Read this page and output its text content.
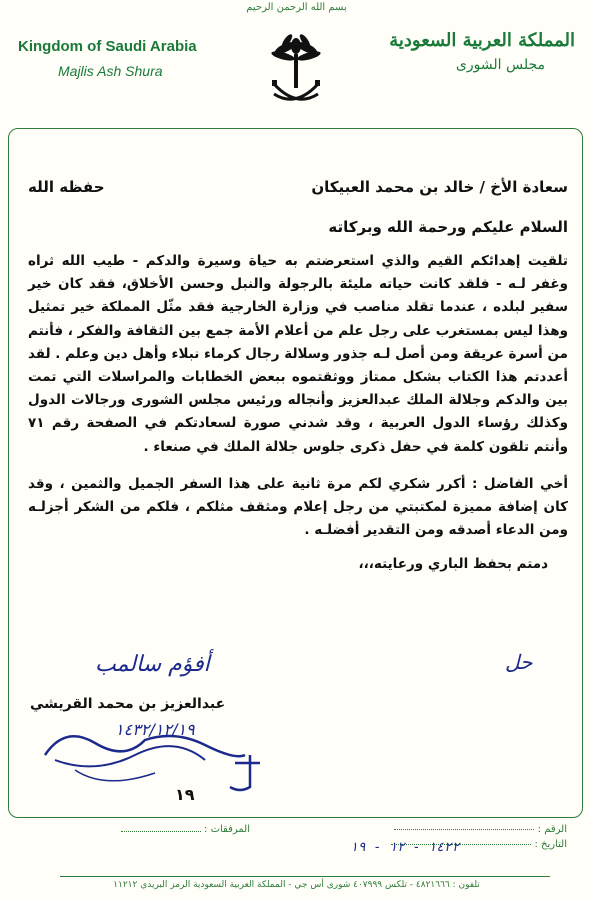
بسم الله الرحمن الرحيم
Kingdom of Saudi Arabia
Majlis Ash Shura
المملكة العربية السعودية
مجلس الشورى
سعادة الأخ / خالد بن محمد العبيكان
حفظه الله
السلام عليكم ورحمة الله وبركاته
تلقيت إهدائكم القيم والذي استعرضتم به حياة وسيرة والدكم - طيب الله ثراه وغفر لـه - فلقد كانت حياته مليئة بالرجولة والنبل وحسن الأخلاق، فقد كان خير سفير لبلده ، عندما تقلد مناصب في وزارة الخارجية فقد مثّل المملكة خير تمثيل وهذا ليس بمستغرب على رجل علم من أعلام الأمة جمع بين الثقافة والفكر ، فأنتم من أسرة عريقة ومن أصل لـه جذور وسلالة رجال كرماء نبلاء وأهل دين وعلم . لقد أعددتم هذا الكتاب بشكل ممتاز ووثقتموه ببعض الخطابات والمراسلات التي تمت بين والدكم وجلالة الملك عبدالعزيز وأنجاله ورئيس مجلس الشورى ورجالات الدول وكذلك رؤساء الدول العربية ، وقد شدني صورة لسعادتكم في الصفحة رقم ٧١ وأنتم تلقون كلمة في حفل ذكرى جلوس جلالة الملك في صنعاء .
أخي الفاضل : أكرر شكري لكم مرة ثانية على هذا السفر الجميل والثمين ، وقد كان إضافة مميزة لمكتبتي من رجل إعلام ومثقف مثلكم ، فلكم من الشكر أجزلـه ومن الدعاء أصدقه ومن التقدير أفضلـه .
دمتم بحفظ الباري ورعايته،،،
حل
أفؤم سالمب
عبدالعزيز بن محمد القريشي
١٤٣٢/١٢/١٩
١٩
الرقم :
التاريخ :
١٤٢٢ - ١٢ - ١٩
المرفقات :
تلفون : ٤٨٢١٦٦٦ - تلكس ٤٠٧٩٩٩ شورى أس جي - المملكة العربية السعودية الرمز البريدي ١١٢١٢
